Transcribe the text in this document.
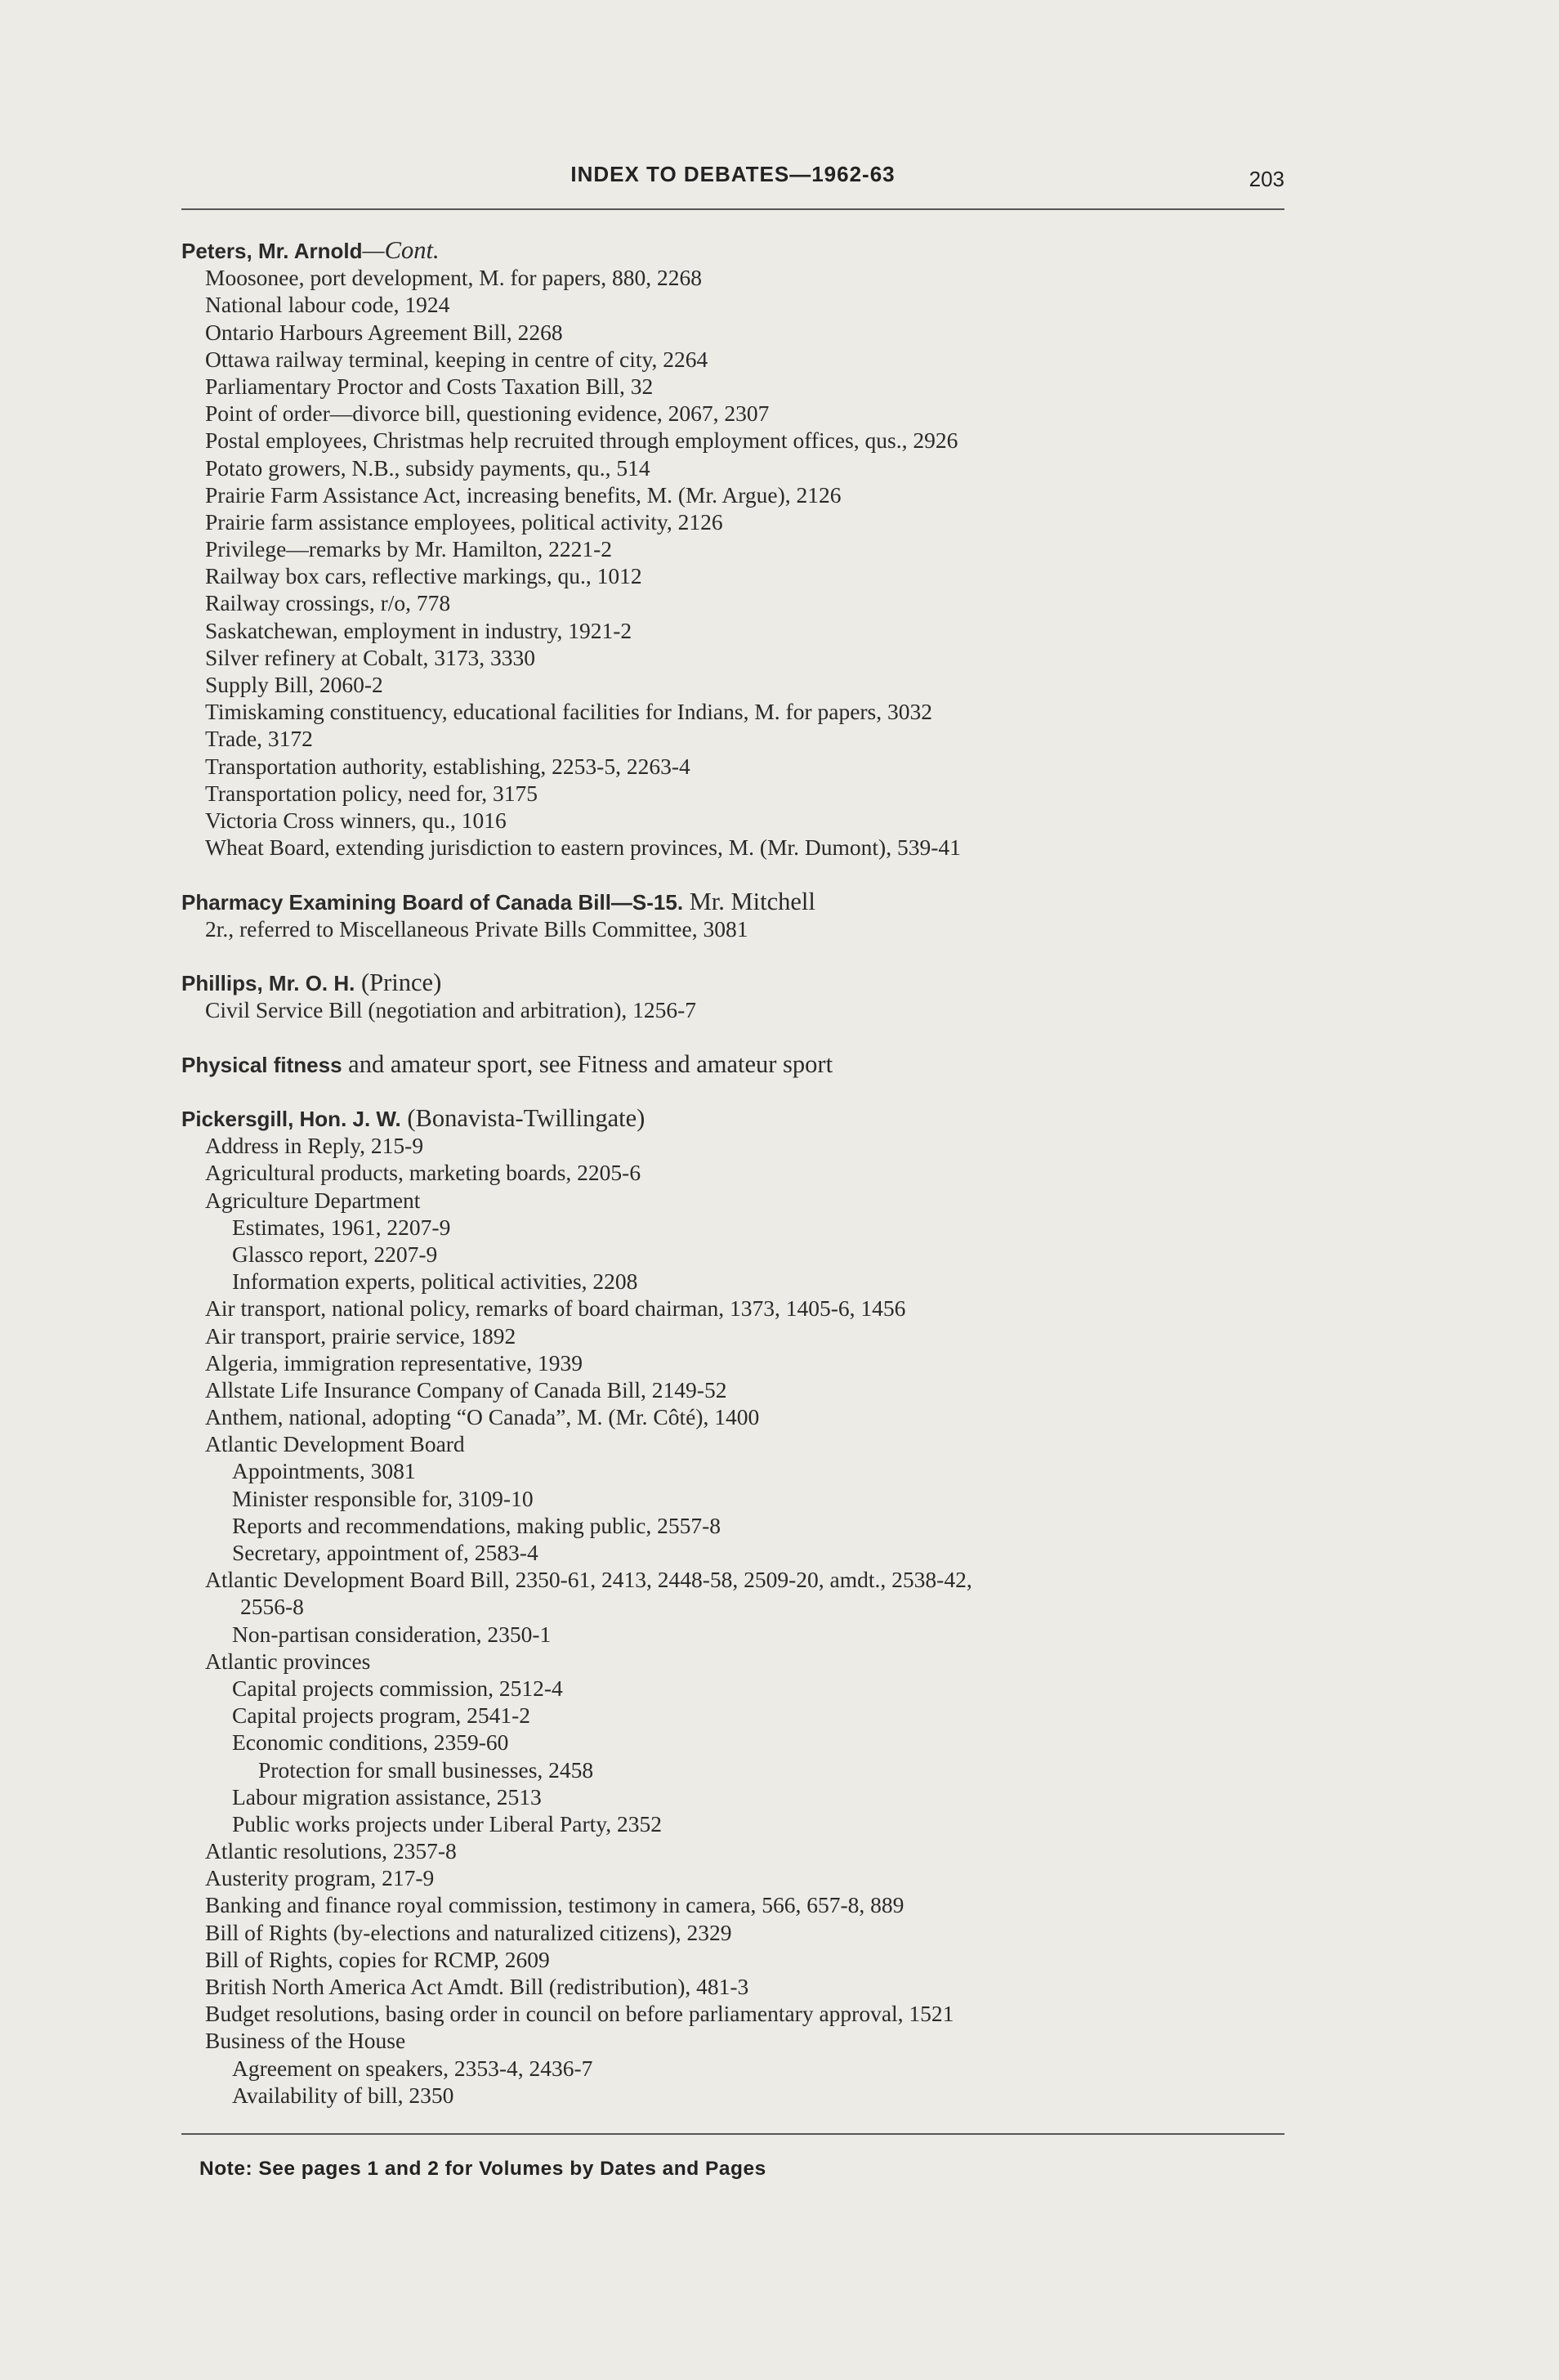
INDEX TO DEBATES—1962-63	203
Peters, Mr. Arnold—Cont.
Moosonee, port development, M. for papers, 880, 2268
National labour code, 1924
Ontario Harbours Agreement Bill, 2268
Ottawa railway terminal, keeping in centre of city, 2264
Parliamentary Proctor and Costs Taxation Bill, 32
Point of order—divorce bill, questioning evidence, 2067, 2307
Postal employees, Christmas help recruited through employment offices, qus., 2926
Potato growers, N.B., subsidy payments, qu., 514
Prairie Farm Assistance Act, increasing benefits, M. (Mr. Argue), 2126
Prairie farm assistance employees, political activity, 2126
Privilege—remarks by Mr. Hamilton, 2221-2
Railway box cars, reflective markings, qu., 1012
Railway crossings, r/o, 778
Saskatchewan, employment in industry, 1921-2
Silver refinery at Cobalt, 3173, 3330
Supply Bill, 2060-2
Timiskaming constituency, educational facilities for Indians, M. for papers, 3032
Trade, 3172
Transportation authority, establishing, 2253-5, 2263-4
Transportation policy, need for, 3175
Victoria Cross winners, qu., 1016
Wheat Board, extending jurisdiction to eastern provinces, M. (Mr. Dumont), 539-41
Pharmacy Examining Board of Canada Bill—S-15. Mr. Mitchell
2r., referred to Miscellaneous Private Bills Committee, 3081
Phillips, Mr. O. H. (Prince)
Civil Service Bill (negotiation and arbitration), 1256-7
Physical fitness and amateur sport, see Fitness and amateur sport
Pickersgill, Hon. J. W. (Bonavista-Twillingate)
Address in Reply, 215-9
Agricultural products, marketing boards, 2205-6
Agriculture Department
Estimates, 1961, 2207-9
Glassco report, 2207-9
Information experts, political activities, 2208
Air transport, national policy, remarks of board chairman, 1373, 1405-6, 1456
Air transport, prairie service, 1892
Algeria, immigration representative, 1939
Allstate Life Insurance Company of Canada Bill, 2149-52
Anthem, national, adopting “O Canada”, M. (Mr. Côté), 1400
Atlantic Development Board
Appointments, 3081
Minister responsible for, 3109-10
Reports and recommendations, making public, 2557-8
Secretary, appointment of, 2583-4
Atlantic Development Board Bill, 2350-61, 2413, 2448-58, 2509-20, amdt., 2538-42,
2556-8
Non-partisan consideration, 2350-1
Atlantic provinces
Capital projects commission, 2512-4
Capital projects program, 2541-2
Economic conditions, 2359-60
Protection for small businesses, 2458
Labour migration assistance, 2513
Public works projects under Liberal Party, 2352
Atlantic resolutions, 2357-8
Austerity program, 217-9
Banking and finance royal commission, testimony in camera, 566, 657-8, 889
Bill of Rights (by-elections and naturalized citizens), 2329
Bill of Rights, copies for RCMP, 2609
British North America Act Amdt. Bill (redistribution), 481-3
Budget resolutions, basing order in council on before parliamentary approval, 1521
Business of the House
Agreement on speakers, 2353-4, 2436-7
Availability of bill, 2350
Note: See pages 1 and 2 for Volumes by Dates and Pages
